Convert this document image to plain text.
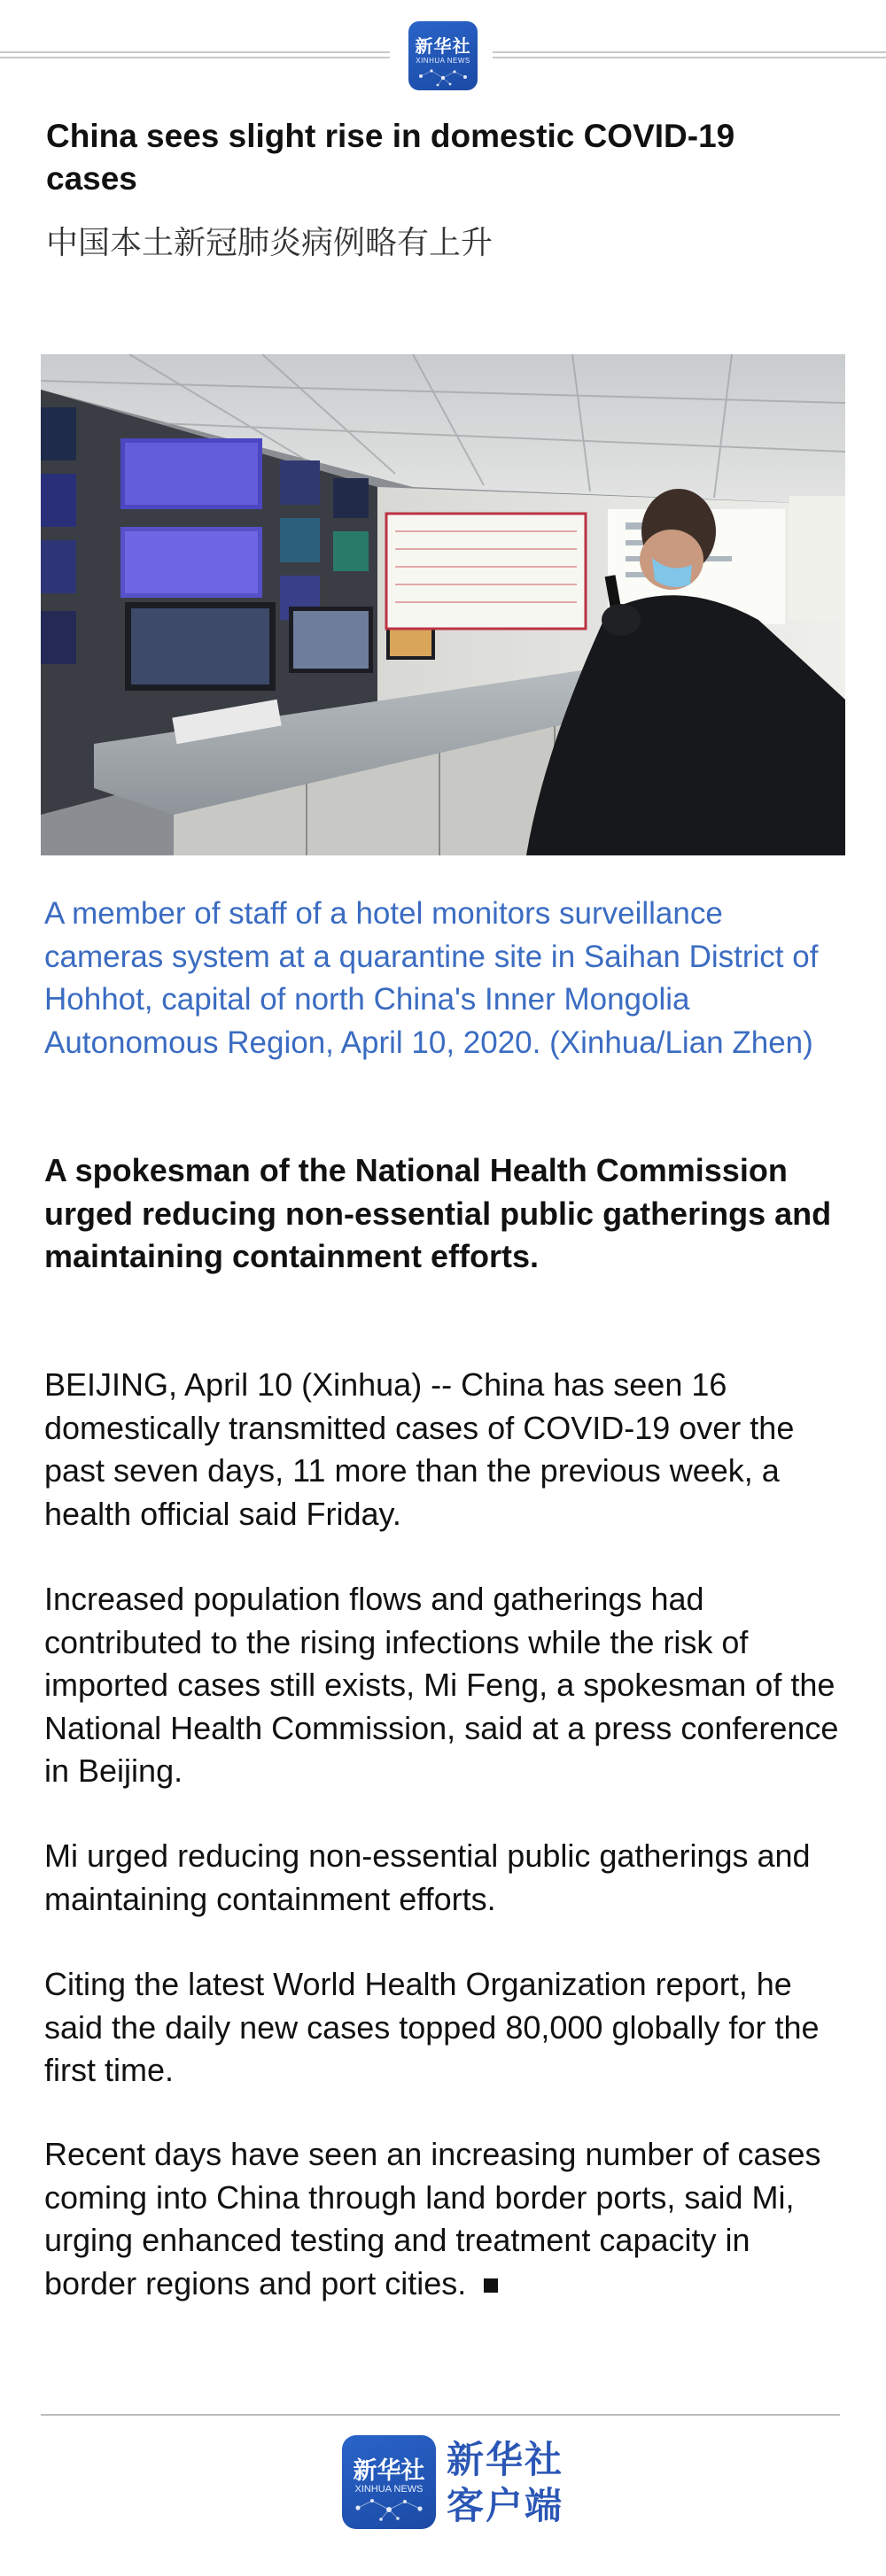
新华社
XINHUA NEWS
China sees slight rise in domestic COVID-19 cases
中国本土新冠肺炎病例略有上升

A member of staff of a hotel monitors surveillance cameras system at a quarantine site in Saihan District of Hohhot, capital of north China's Inner Mongolia Autonomous Region, April 10, 2020. (Xinhua/Lian Zhen)

A spokesman of the National Health Commission urged reducing non-essential public gatherings and maintaining containment efforts.

BEIJING, April 10 (Xinhua) -- China has seen 16 domestically transmitted cases of COVID-19 over the past seven days, 11 more than the previous week, a health official said Friday.

Increased population flows and gatherings had contributed to the rising infections while the risk of imported cases still exists, Mi Feng, a spokesman of the National Health Commission, said at a press conference in Beijing.

Mi urged reducing non-essential public gatherings and maintaining containment efforts.

Citing the latest World Health Organization report, he said the daily new cases topped 80,000 globally for the first time.

Recent days have seen an increasing number of cases coming into China through land border ports, said Mi, urging enhanced testing and treatment capacity in border regions and port cities.

新华社
XINHUA NEWS
新华社
客户端
